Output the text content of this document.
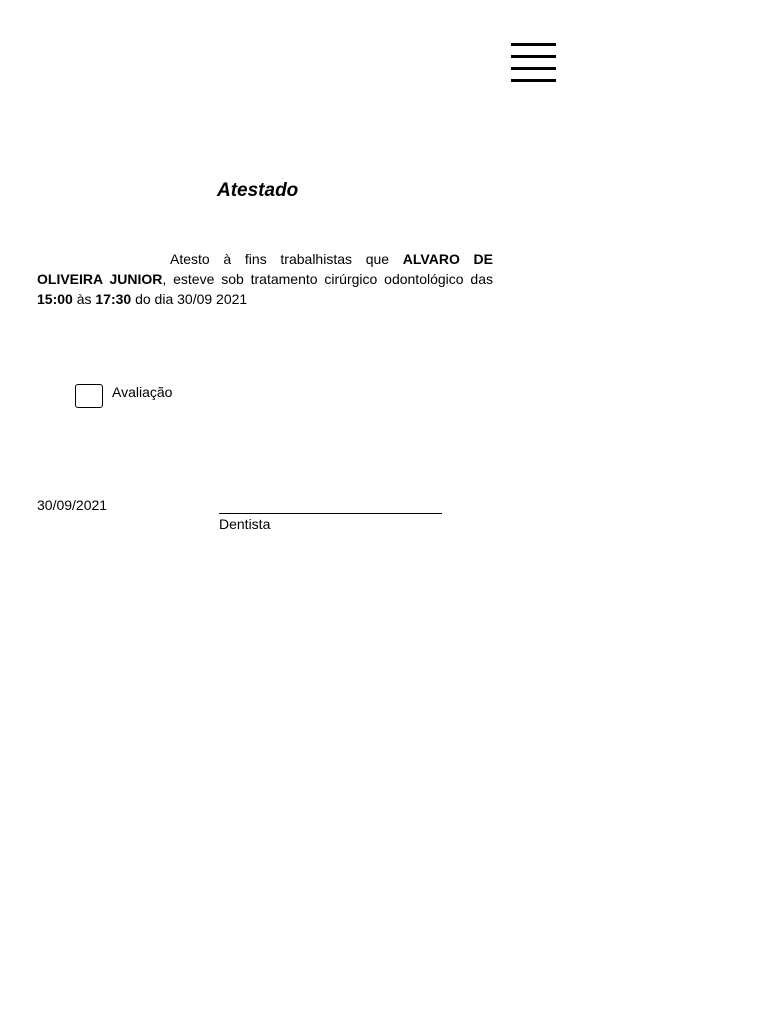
Atestado

Atesto à fins trabalhistas que ALVARO DE OLIVEIRA JUNIOR, esteve sob tratamento cirúrgico odontológico das 15:00 às 17:30 do dia 30/09 2021

Avaliação
30/09/2021
Dentista
